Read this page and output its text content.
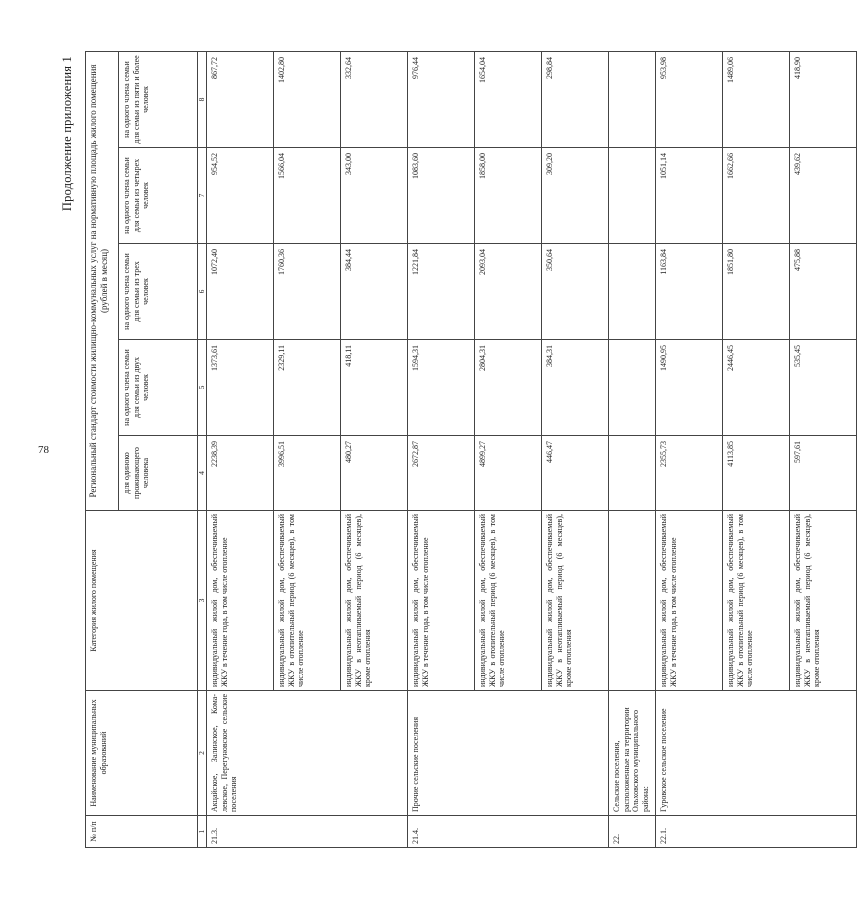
78
Продолжение приложения 1
№ п/п	Наименование муниципальных образований	Категория жилого помещения	Региональный стандарт стоимости жилищно-коммунальных услуг на нормативную площадь жилого помещения (рублей в месяц)				

			для одиноко проживающего человека	на одного члена семьи для семьи из двух человек	на одного члена семьи для семьи из трех человек	на одного члена семьи для семьи из четырех человек	на одного члена семьи для семьи из пяти и более человек
1	2	3	4	5	6	7	8
21.3.	Акцайское, Залинское, Кома-левское, Перегуновское сельские поселения	индивидуальный жилой дом, обеспечиваемый ЖКУ в течение года, в том числе отопление	2238,39	1373,61	1072,40	954,52	867,72
		индивидуальный жилой дом, обеспечиваемый ЖКУ в отопительный период (6 месяцев), в том числе отопление	3996,51	2329,11	1760,36	1566,04	1402,80
		индивидуальный жилой дом, обеспечиваемый ЖКУ в неотапливаемый период (6 месяцев), кроме отопления	480,27	418,11	384,44	343,00	332,64
21.4.	Прочие сельские поселения	индивидуальный жилой дом, обеспечиваемый ЖКУ в течение года, в том числе отопление	2672,87	1594,31	1221,84	1083,60	976,44
		индивидуальный жилой дом, обеспечиваемый ЖКУ в отопительный период (6 месяцев), в том числе отопление	4899,27	2804,31	2093,04	1858,00	1654,04
		индивидуальный жилой дом, обеспечиваемый ЖКУ в неотапливаемый период (6 месяцев), кроме отопления	446,47	384,31	350,64	309,20	298,84
22.	Сельские поселения, расположенные на территории Ольховского муниципального района:						
22.1.	Гуровское сельское поселение	индивидуальный жилой дом, обеспечиваемый ЖКУ в течение года, в том числе отопление	2355,73	1490,95	1163,84	1051,14	953,98
		индивидуальный жилой дом, обеспечиваемый ЖКУ в отопительный период (6 месяцев), в том числе отопление	4113,85	2446,45	1851,80	1662,66	1489,06
		индивидуальный жилой дом, обеспечиваемый ЖКУ в неотапливаемый период (6 месяцев), кроме отопления	597,61	535,45	475,88	439,62	418,90
